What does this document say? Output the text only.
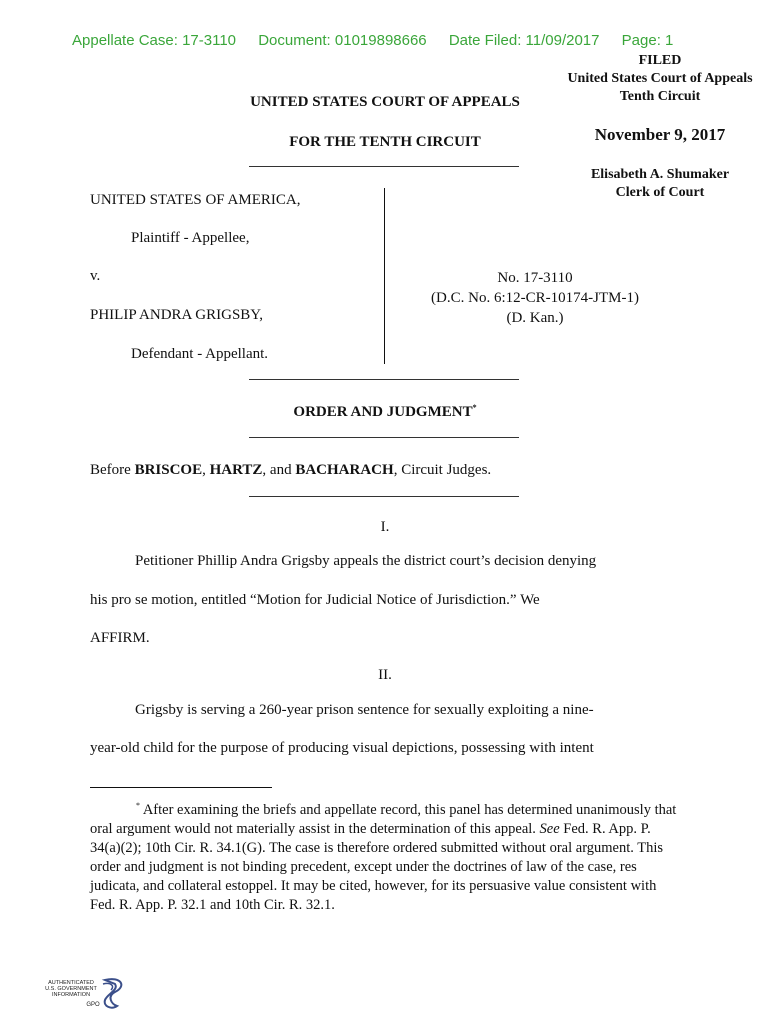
Appellate Case: 17-3110 Document: 01019898666 Date Filed: 11/09/2017 Page: 1
FILED
United States Court of Appeals
Tenth Circuit
November 9, 2017
Elisabeth A. Shumaker
Clerk of Court
UNITED STATES COURT OF APPEALS
FOR THE TENTH CIRCUIT
UNITED STATES OF AMERICA,
Plaintiff - Appellee,
v.
PHILIP ANDRA GRIGSBY,
Defendant - Appellant.
No. 17-3110
(D.C. No. 6:12-CR-10174-JTM-1)
(D. Kan.)
ORDER AND JUDGMENT*
Before BRISCOE, HARTZ, and BACHARACH, Circuit Judges.
I.
Petitioner Phillip Andra Grigsby appeals the district court’s decision denying
his pro se motion, entitled “Motion for Judicial Notice of Jurisdiction.” We
AFFIRM.
II.
Grigsby is serving a 260-year prison sentence for sexually exploiting a nine-
year-old child for the purpose of producing visual depictions, possessing with intent
* After examining the briefs and appellate record, this panel has determined unanimously that oral argument would not materially assist in the determination of this appeal. See Fed. R. App. P. 34(a)(2); 10th Cir. R. 34.1(G). The case is therefore ordered submitted without oral argument. This order and judgment is not binding precedent, except under the doctrines of law of the case, res judicata, and collateral estoppel. It may be cited, however, for its persuasive value consistent with Fed. R. App. P. 32.1 and 10th Cir. R. 32.1.
AUTHENTICATED
U.S. GOVERNMENT
INFORMATION
GPO
